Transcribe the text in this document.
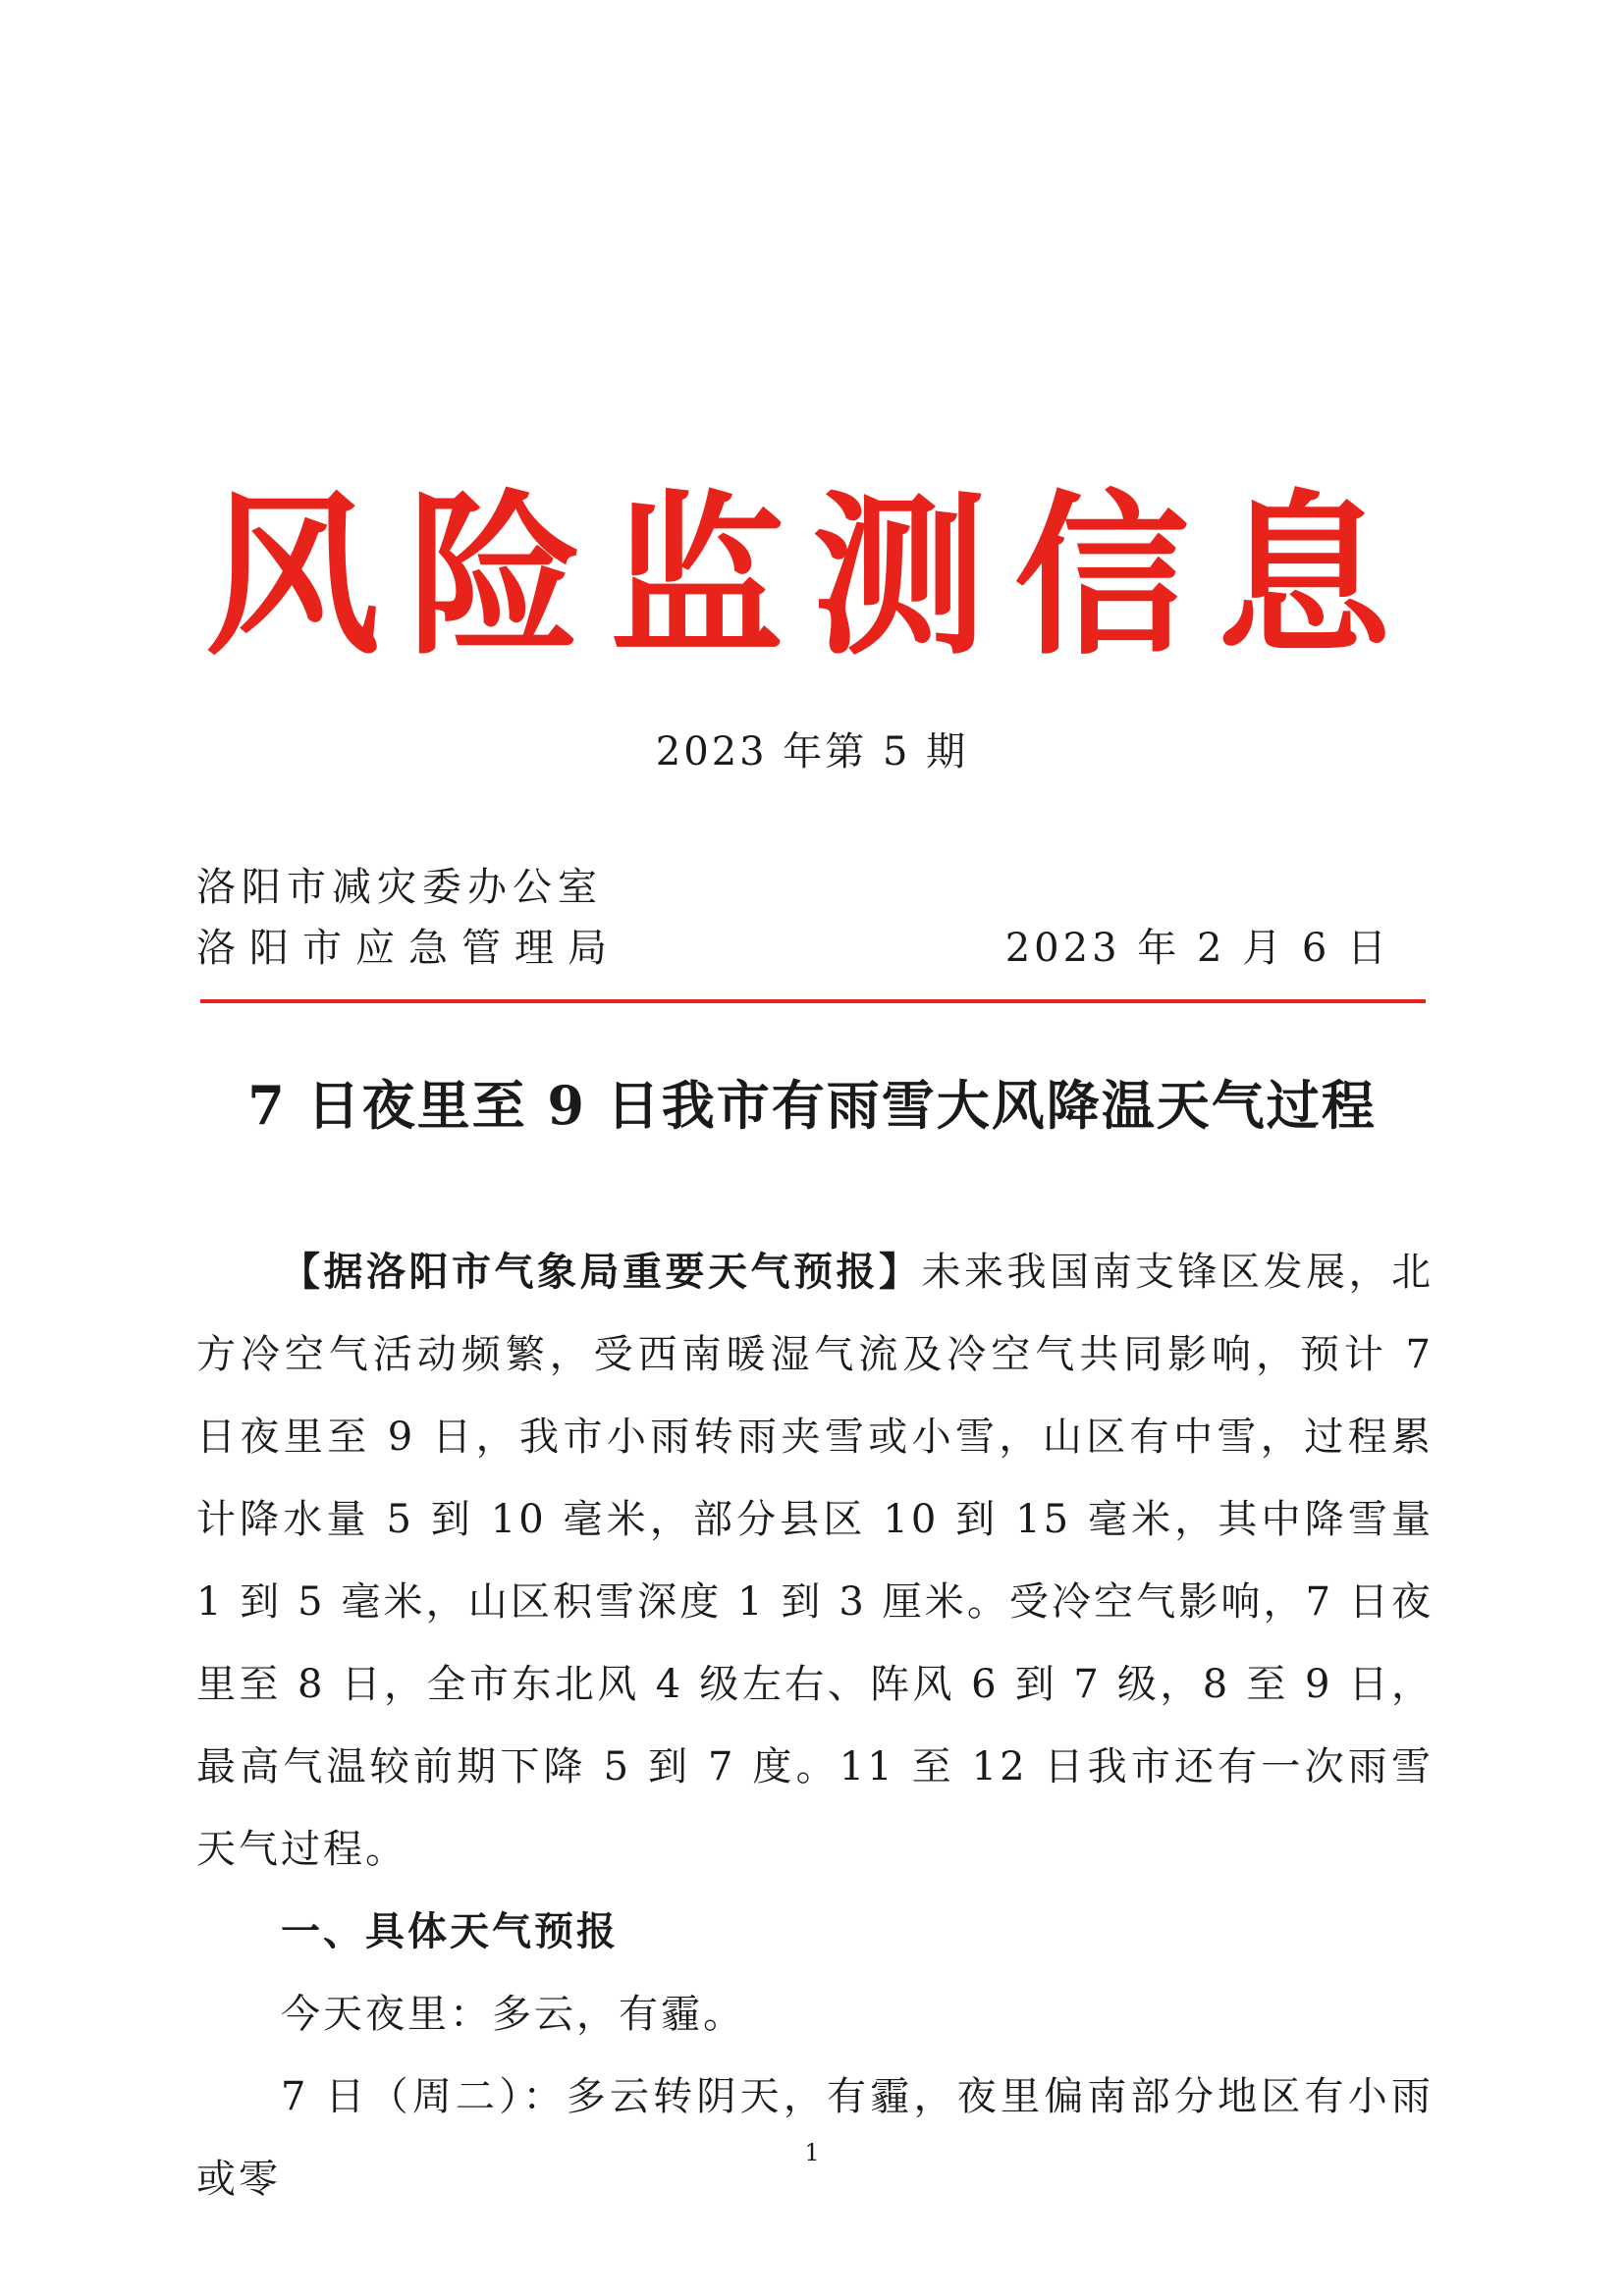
风险监测信息
2023 年第 5 期
洛阳市减灾委办公室
洛阳市应急管理局	2023 年 2 月 6 日
7 日夜里至 9 日我市有雨雪大风降温天气过程

【据洛阳市气象局重要天气预报】未来我国南支锋区发展，北方冷空气活动频繁，受西南暖湿气流及冷空气共同影响，预计 7 日夜里至 9 日，我市小雨转雨夹雪或小雪，山区有中雪，过程累计降水量 5 到 10 毫米，部分县区 10 到 15 毫米，其中降雪量 1 到 5 毫米，山区积雪深度 1 到 3 厘米。受冷空气影响，7 日夜里至 8 日，全市东北风 4 级左右、阵风 6 到 7 级，8 至 9 日，最高气温较前期下降 5 到 7 度。11 至 12 日我市还有一次雨雪天气过程。

一、具体天气预报

今天夜里：多云，有霾。

7 日（周二）：多云转阴天，有霾，夜里偏南部分地区有小雨或零

1
